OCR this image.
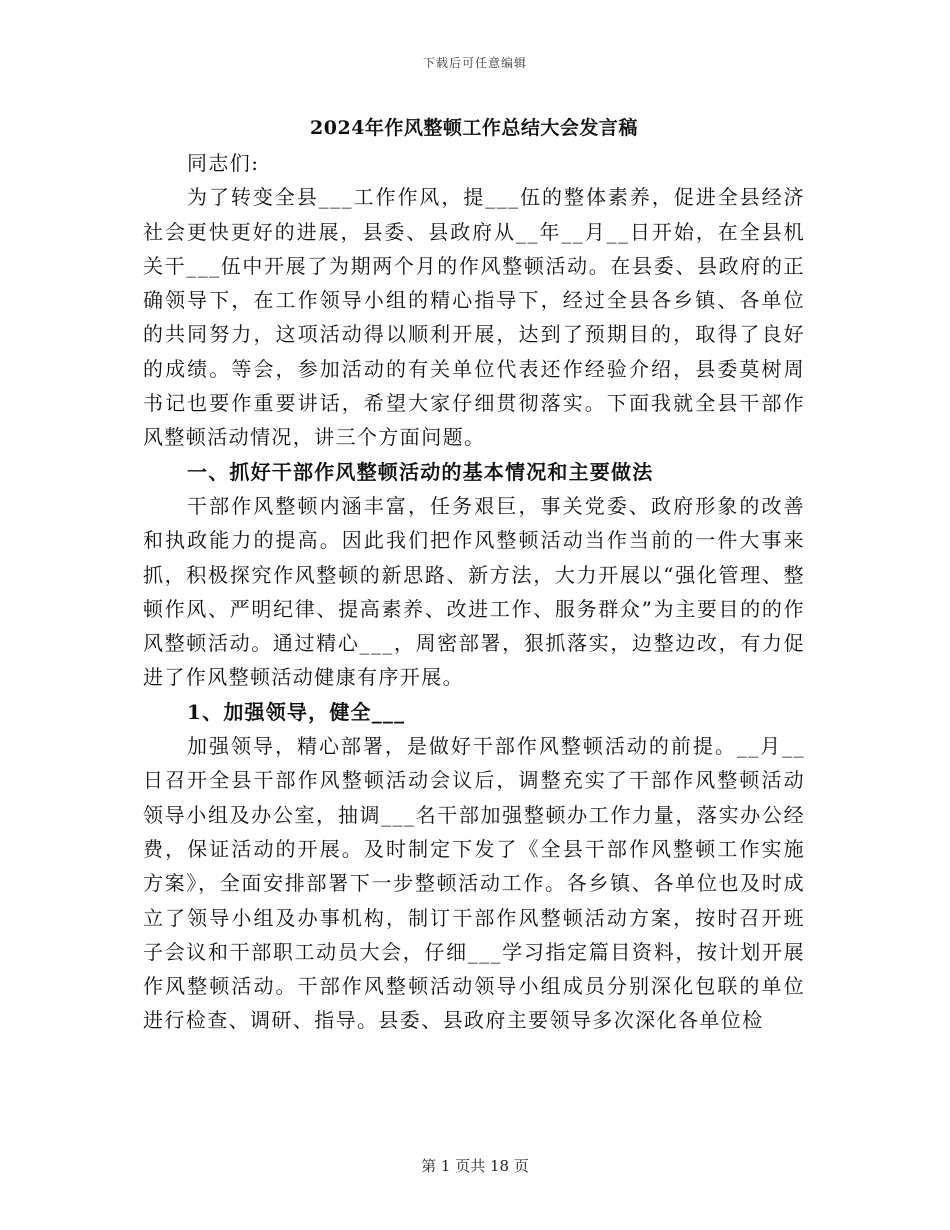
下载后可任意编辑
2024年作风整顿工作总结大会发言稿

同志们:

为了转变全县___工作作风，提___伍的整体素养，促进全县经济社会更快更好的进展，县委、县政府从__年__月__日开始，在全县机关干___伍中开展了为期两个月的作风整顿活动。在县委、县政府的正确领导下，在工作领导小组的精心指导下，经过全县各乡镇、各单位的共同努力，这项活动得以顺利开展，达到了预期目的，取得了良好的成绩。等会，参加活动的有关单位代表还作经验介绍，县委莫树周书记也要作重要讲话，希望大家仔细贯彻落实。下面我就全县干部作风整顿活动情况，讲三个方面问题。

一、抓好干部作风整顿活动的基本情况和主要做法

干部作风整顿内涵丰富，任务艰巨，事关党委、政府形象的改善和执政能力的提高。因此我们把作风整顿活动当作当前的一件大事来抓，积极探究作风整顿的新思路、新方法，大力开展以“强化管理、整顿作风、严明纪律、提高素养、改进工作、服务群众”为主要目的的作风整顿活动。通过精心___，周密部署，狠抓落实，边整边改，有力促进了作风整顿活动健康有序开展。

1、加强领导，健全___

加强领导，精心部署，是做好干部作风整顿活动的前提。__月__日召开全县干部作风整顿活动会议后，调整充实了干部作风整顿活动领导小组及办公室，抽调___名干部加强整顿办工作力量，落实办公经费，保证活动的开展。及时制定下发了《全县干部作风整顿工作实施方案》，全面安排部署下一步整顿活动工作。各乡镇、各单位也及时成立了领导小组及办事机构，制订干部作风整顿活动方案，按时召开班子会议和干部职工动员大会，仔细___学习指定篇目资料，按计划开展作风整顿活动。干部作风整顿活动领导小组成员分别深化包联的单位进行检查、调研、指导。县委、县政府主要领导多次深化各单位检

第 1 页共 18 页
